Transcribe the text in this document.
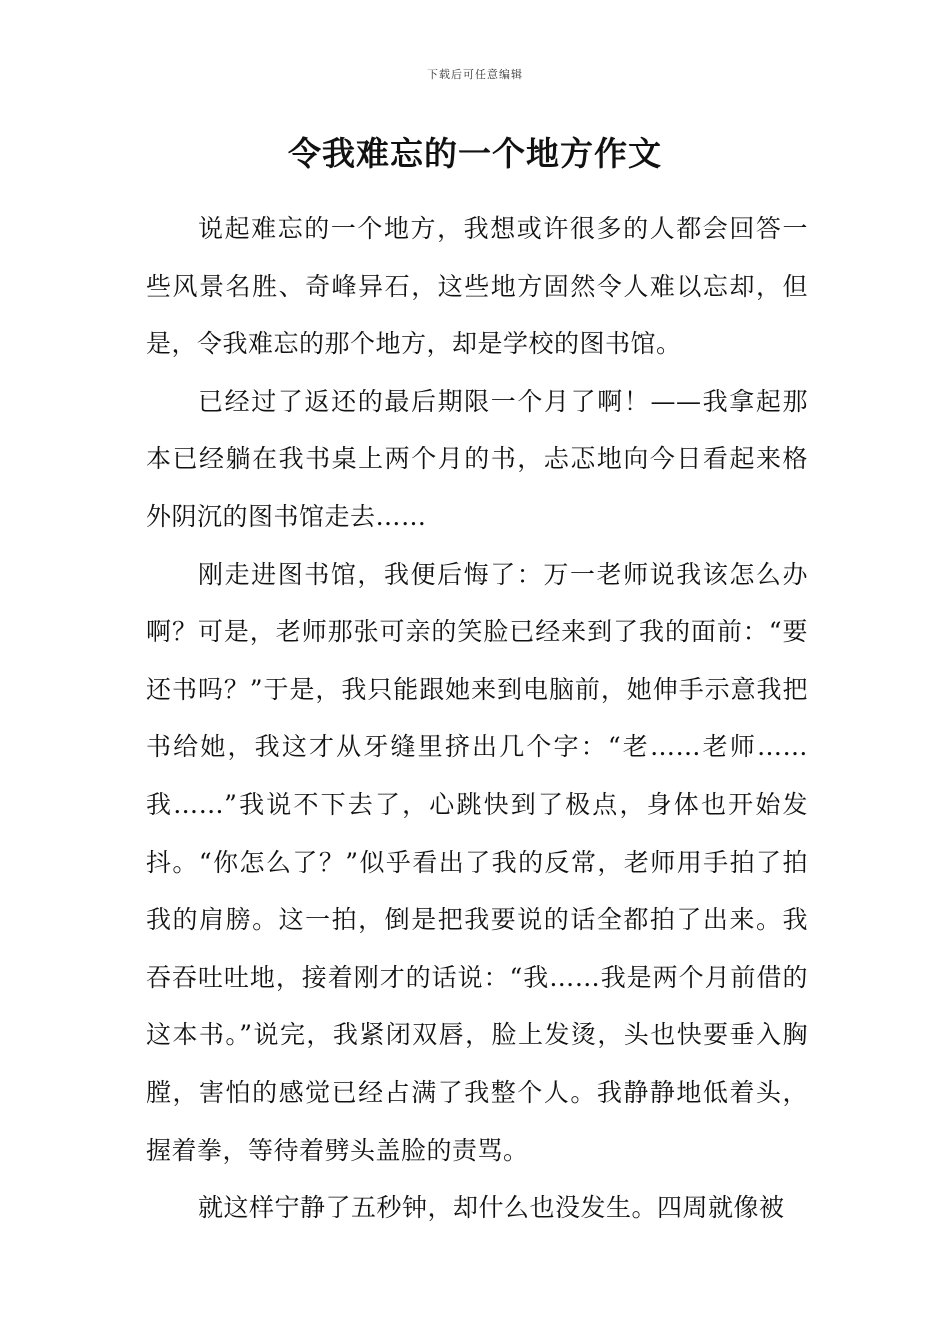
下载后可任意编辑
令我难忘的一个地方作文

说起难忘的一个地方，我想或许很多的人都会回答一些风景名胜、奇峰异石，这些地方固然令人难以忘却，但是，令我难忘的那个地方，却是学校的图书馆。

已经过了返还的最后期限一个月了啊！——我拿起那本已经躺在我书桌上两个月的书，忐忑地向今日看起来格外阴沉的图书馆走去……

刚走进图书馆，我便后悔了：万一老师说我该怎么办啊？可是，老师那张可亲的笑脸已经来到了我的面前：“要还书吗？”于是，我只能跟她来到电脑前，她伸手示意我把书给她，我这才从牙缝里挤出几个字：“老……老师……我……”我说不下去了，心跳快到了极点，身体也开始发抖。“你怎么了？”似乎看出了我的反常，老师用手拍了拍我的肩膀。这一拍，倒是把我要说的话全都拍了出来。我吞吞吐吐地，接着刚才的话说：“我……我是两个月前借的这本书。”说完，我紧闭双唇，脸上发烫，头也快要垂入胸膛，害怕的感觉已经占满了我整个人。我静静地低着头，握着拳，等待着劈头盖脸的责骂。

就这样宁静了五秒钟，却什么也没发生。四周就像被
